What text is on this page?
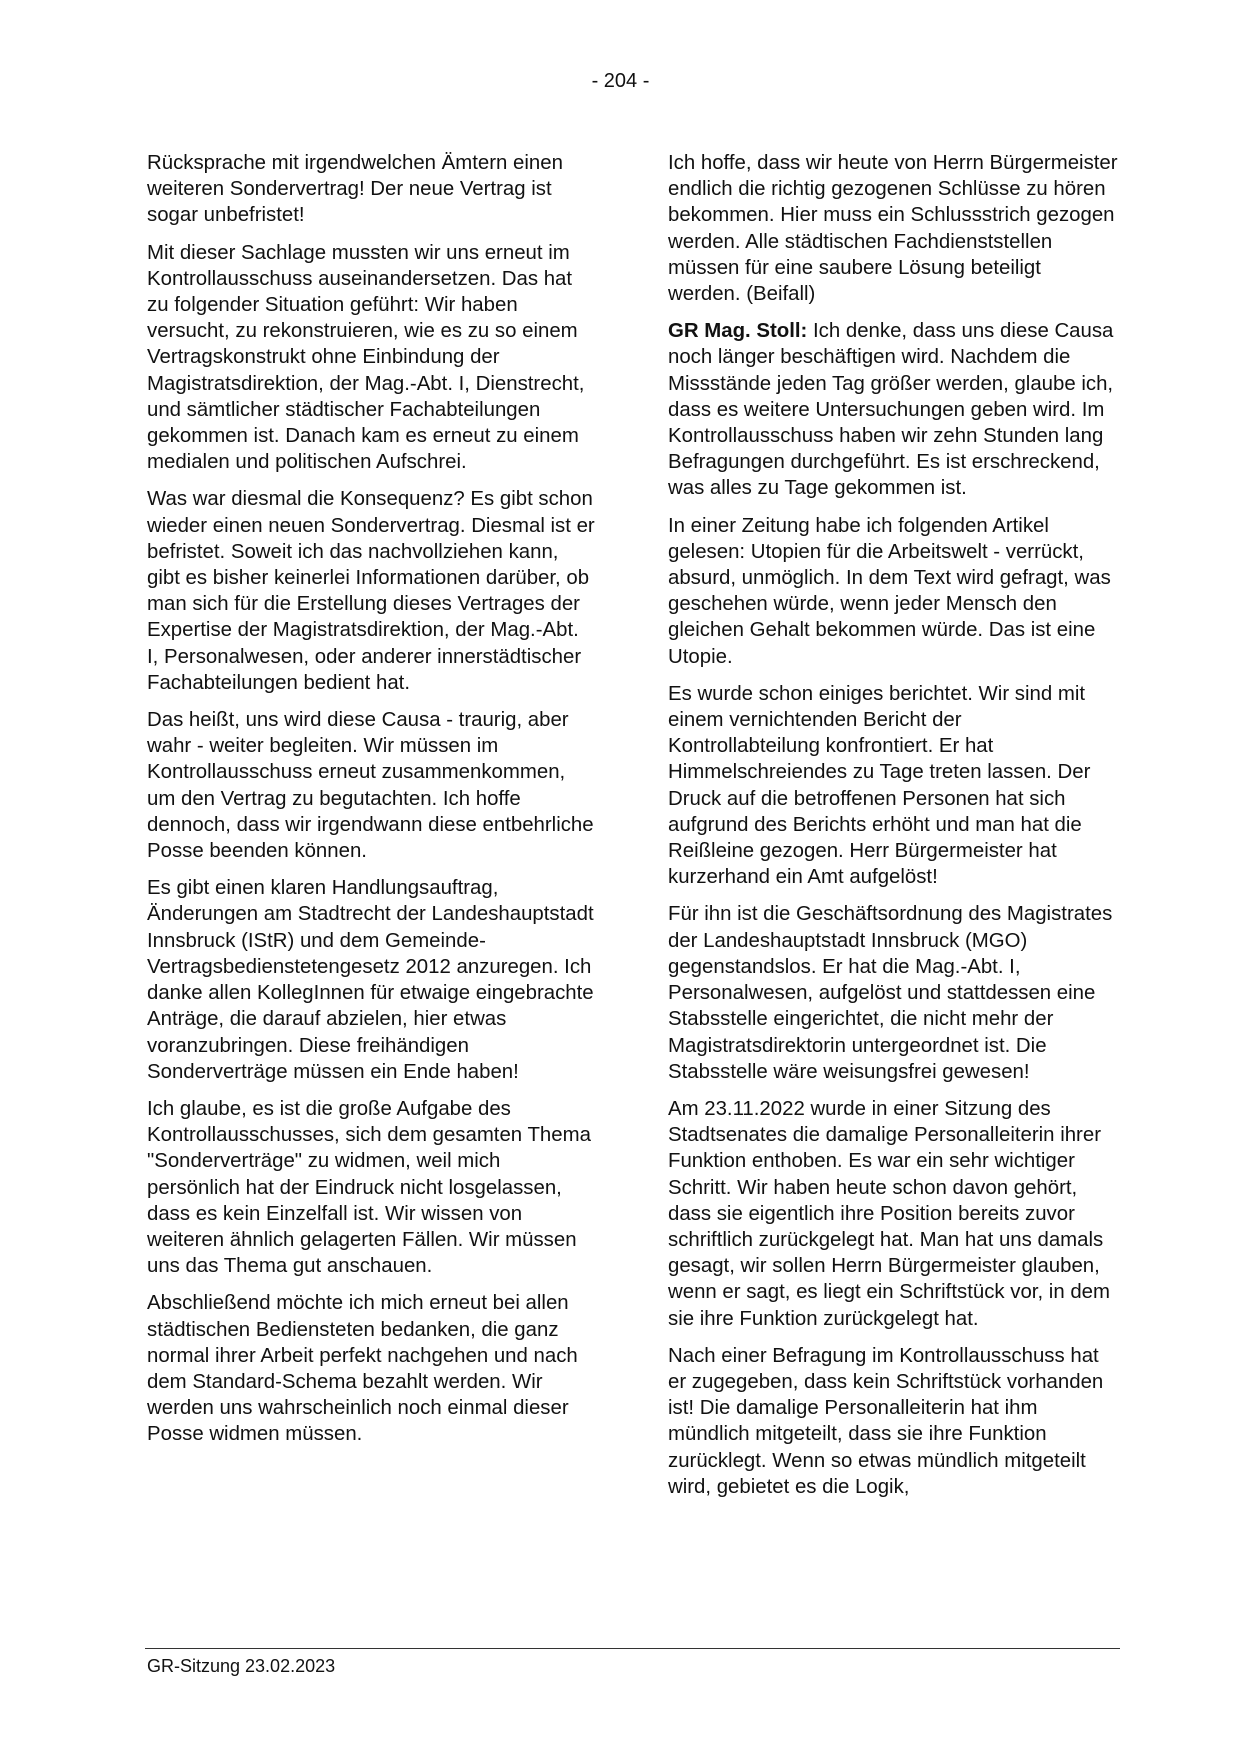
- 204 -

Rücksprache mit irgendwelchen Ämtern einen weiteren Sondervertrag! Der neue Vertrag ist sogar unbefristet!

Mit dieser Sachlage mussten wir uns erneut im Kontrollausschuss auseinandersetzen. Das hat zu folgender Situation geführt: Wir haben versucht, zu rekonstruieren, wie es zu so einem Vertragskonstrukt ohne Einbindung der Magistratsdirektion, der Mag.-Abt. I, Dienstrecht, und sämtlicher städtischer Fachabteilungen gekommen ist. Danach kam es erneut zu einem medialen und politischen Aufschrei.

Was war diesmal die Konsequenz? Es gibt schon wieder einen neuen Sondervertrag. Diesmal ist er befristet. Soweit ich das nachvollziehen kann, gibt es bisher keinerlei Informationen darüber, ob man sich für die Erstellung dieses Vertrages der Expertise der Magistratsdirektion, der Mag.-Abt. I, Personalwesen, oder anderer innerstädtischer Fachabteilungen bedient hat.

Das heißt, uns wird diese Causa - traurig, aber wahr - weiter begleiten. Wir müssen im Kontrollausschuss erneut zusammenkommen, um den Vertrag zu begutachten. Ich hoffe dennoch, dass wir irgendwann diese entbehrliche Posse beenden können.

Es gibt einen klaren Handlungsauftrag, Änderungen am Stadtrecht der Landeshauptstadt Innsbruck (IStR) und dem Gemeinde-Vertragsbedienstetengesetz 2012 anzuregen. Ich danke allen KollegInnen für etwaige eingebrachte Anträge, die darauf abzielen, hier etwas voranzubringen. Diese freihändigen Sonderverträge müssen ein Ende haben!

Ich glaube, es ist die große Aufgabe des Kontrollausschusses, sich dem gesamten Thema "Sonderverträge" zu widmen, weil mich persönlich hat der Eindruck nicht losgelassen, dass es kein Einzelfall ist. Wir wissen von weiteren ähnlich gelagerten Fällen. Wir müssen uns das Thema gut anschauen.

Abschließend möchte ich mich erneut bei allen städtischen Bediensteten bedanken, die ganz normal ihrer Arbeit perfekt nachgehen und nach dem Standard-Schema bezahlt werden. Wir werden uns wahrscheinlich noch einmal dieser Posse widmen müssen.

Ich hoffe, dass wir heute von Herrn Bürgermeister endlich die richtig gezogenen Schlüsse zu hören bekommen. Hier muss ein Schlussstrich gezogen werden. Alle städtischen Fachdienststellen müssen für eine saubere Lösung beteiligt werden. (Beifall)

GR Mag. Stoll: Ich denke, dass uns diese Causa noch länger beschäftigen wird. Nachdem die Missstände jeden Tag größer werden, glaube ich, dass es weitere Untersuchungen geben wird. Im Kontrollausschuss haben wir zehn Stunden lang Befragungen durchgeführt. Es ist erschreckend, was alles zu Tage gekommen ist.

In einer Zeitung habe ich folgenden Artikel gelesen: Utopien für die Arbeitswelt - verrückt, absurd, unmöglich. In dem Text wird gefragt, was geschehen würde, wenn jeder Mensch den gleichen Gehalt bekommen würde. Das ist eine Utopie.

Es wurde schon einiges berichtet. Wir sind mit einem vernichtenden Bericht der Kontrollabteilung konfrontiert. Er hat Himmelschreiendes zu Tage treten lassen. Der Druck auf die betroffenen Personen hat sich aufgrund des Berichts erhöht und man hat die Reißleine gezogen. Herr Bürgermeister hat kurzerhand ein Amt aufgelöst!

Für ihn ist die Geschäftsordnung des Magistrates der Landeshauptstadt Innsbruck (MGO) gegenstandslos. Er hat die Mag.-Abt. I, Personalwesen, aufgelöst und stattdessen eine Stabsstelle eingerichtet, die nicht mehr der Magistratsdirektorin untergeordnet ist. Die Stabsstelle wäre weisungsfrei gewesen!

Am 23.11.2022 wurde in einer Sitzung des Stadtsenates die damalige Personalleiterin ihrer Funktion enthoben. Es war ein sehr wichtiger Schritt. Wir haben heute schon davon gehört, dass sie eigentlich ihre Position bereits zuvor schriftlich zurückgelegt hat. Man hat uns damals gesagt, wir sollen Herrn Bürgermeister glauben, wenn er sagt, es liegt ein Schriftstück vor, in dem sie ihre Funktion zurückgelegt hat.

Nach einer Befragung im Kontrollausschuss hat er zugegeben, dass kein Schriftstück vorhanden ist! Die damalige Personalleiterin hat ihm mündlich mitgeteilt, dass sie ihre Funktion zurücklegt. Wenn so etwas mündlich mitgeteilt wird, gebietet es die Logik,

GR-Sitzung 23.02.2023
